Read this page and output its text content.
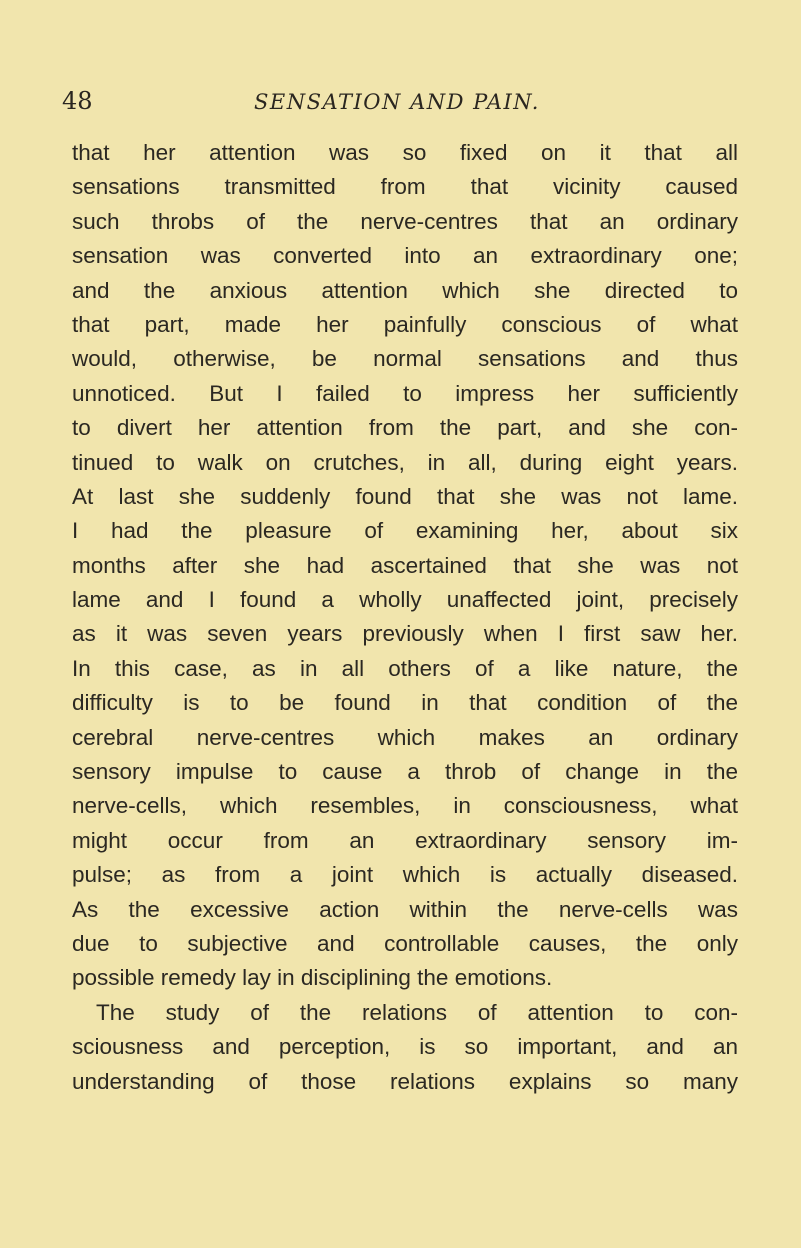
48	SENSATION AND PAIN.
that her attention was so fixed on it that all
sensations transmitted from that vicinity caused
such throbs of the nerve-centres that an ordinary
sensation was converted into an extraordinary one;
and the anxious attention which she directed to
that part, made her painfully conscious of what
would, otherwise, be normal sensations and thus
unnoticed. But I failed to impress her sufficiently
to divert her attention from the part, and she con-
tinued to walk on crutches, in all, during eight years.
At last she suddenly found that she was not lame.
I had the pleasure of examining her, about six
months after she had ascertained that she was not
lame and I found a wholly unaffected joint, precisely
as it was seven years previously when I first saw her.
In this case, as in all others of a like nature, the
difficulty is to be found in that condition of the
cerebral nerve-centres which makes an ordinary
sensory impulse to cause a throb of change in the
nerve-cells, which resembles, in consciousness, what
might occur from an extraordinary sensory im-
pulse; as from a joint which is actually diseased.
As the excessive action within the nerve-cells was
due to subjective and controllable causes, the only
possible remedy lay in disciplining the emotions.
The study of the relations of attention to con-
sciousness and perception, is so important, and an
understanding of those relations explains so many
